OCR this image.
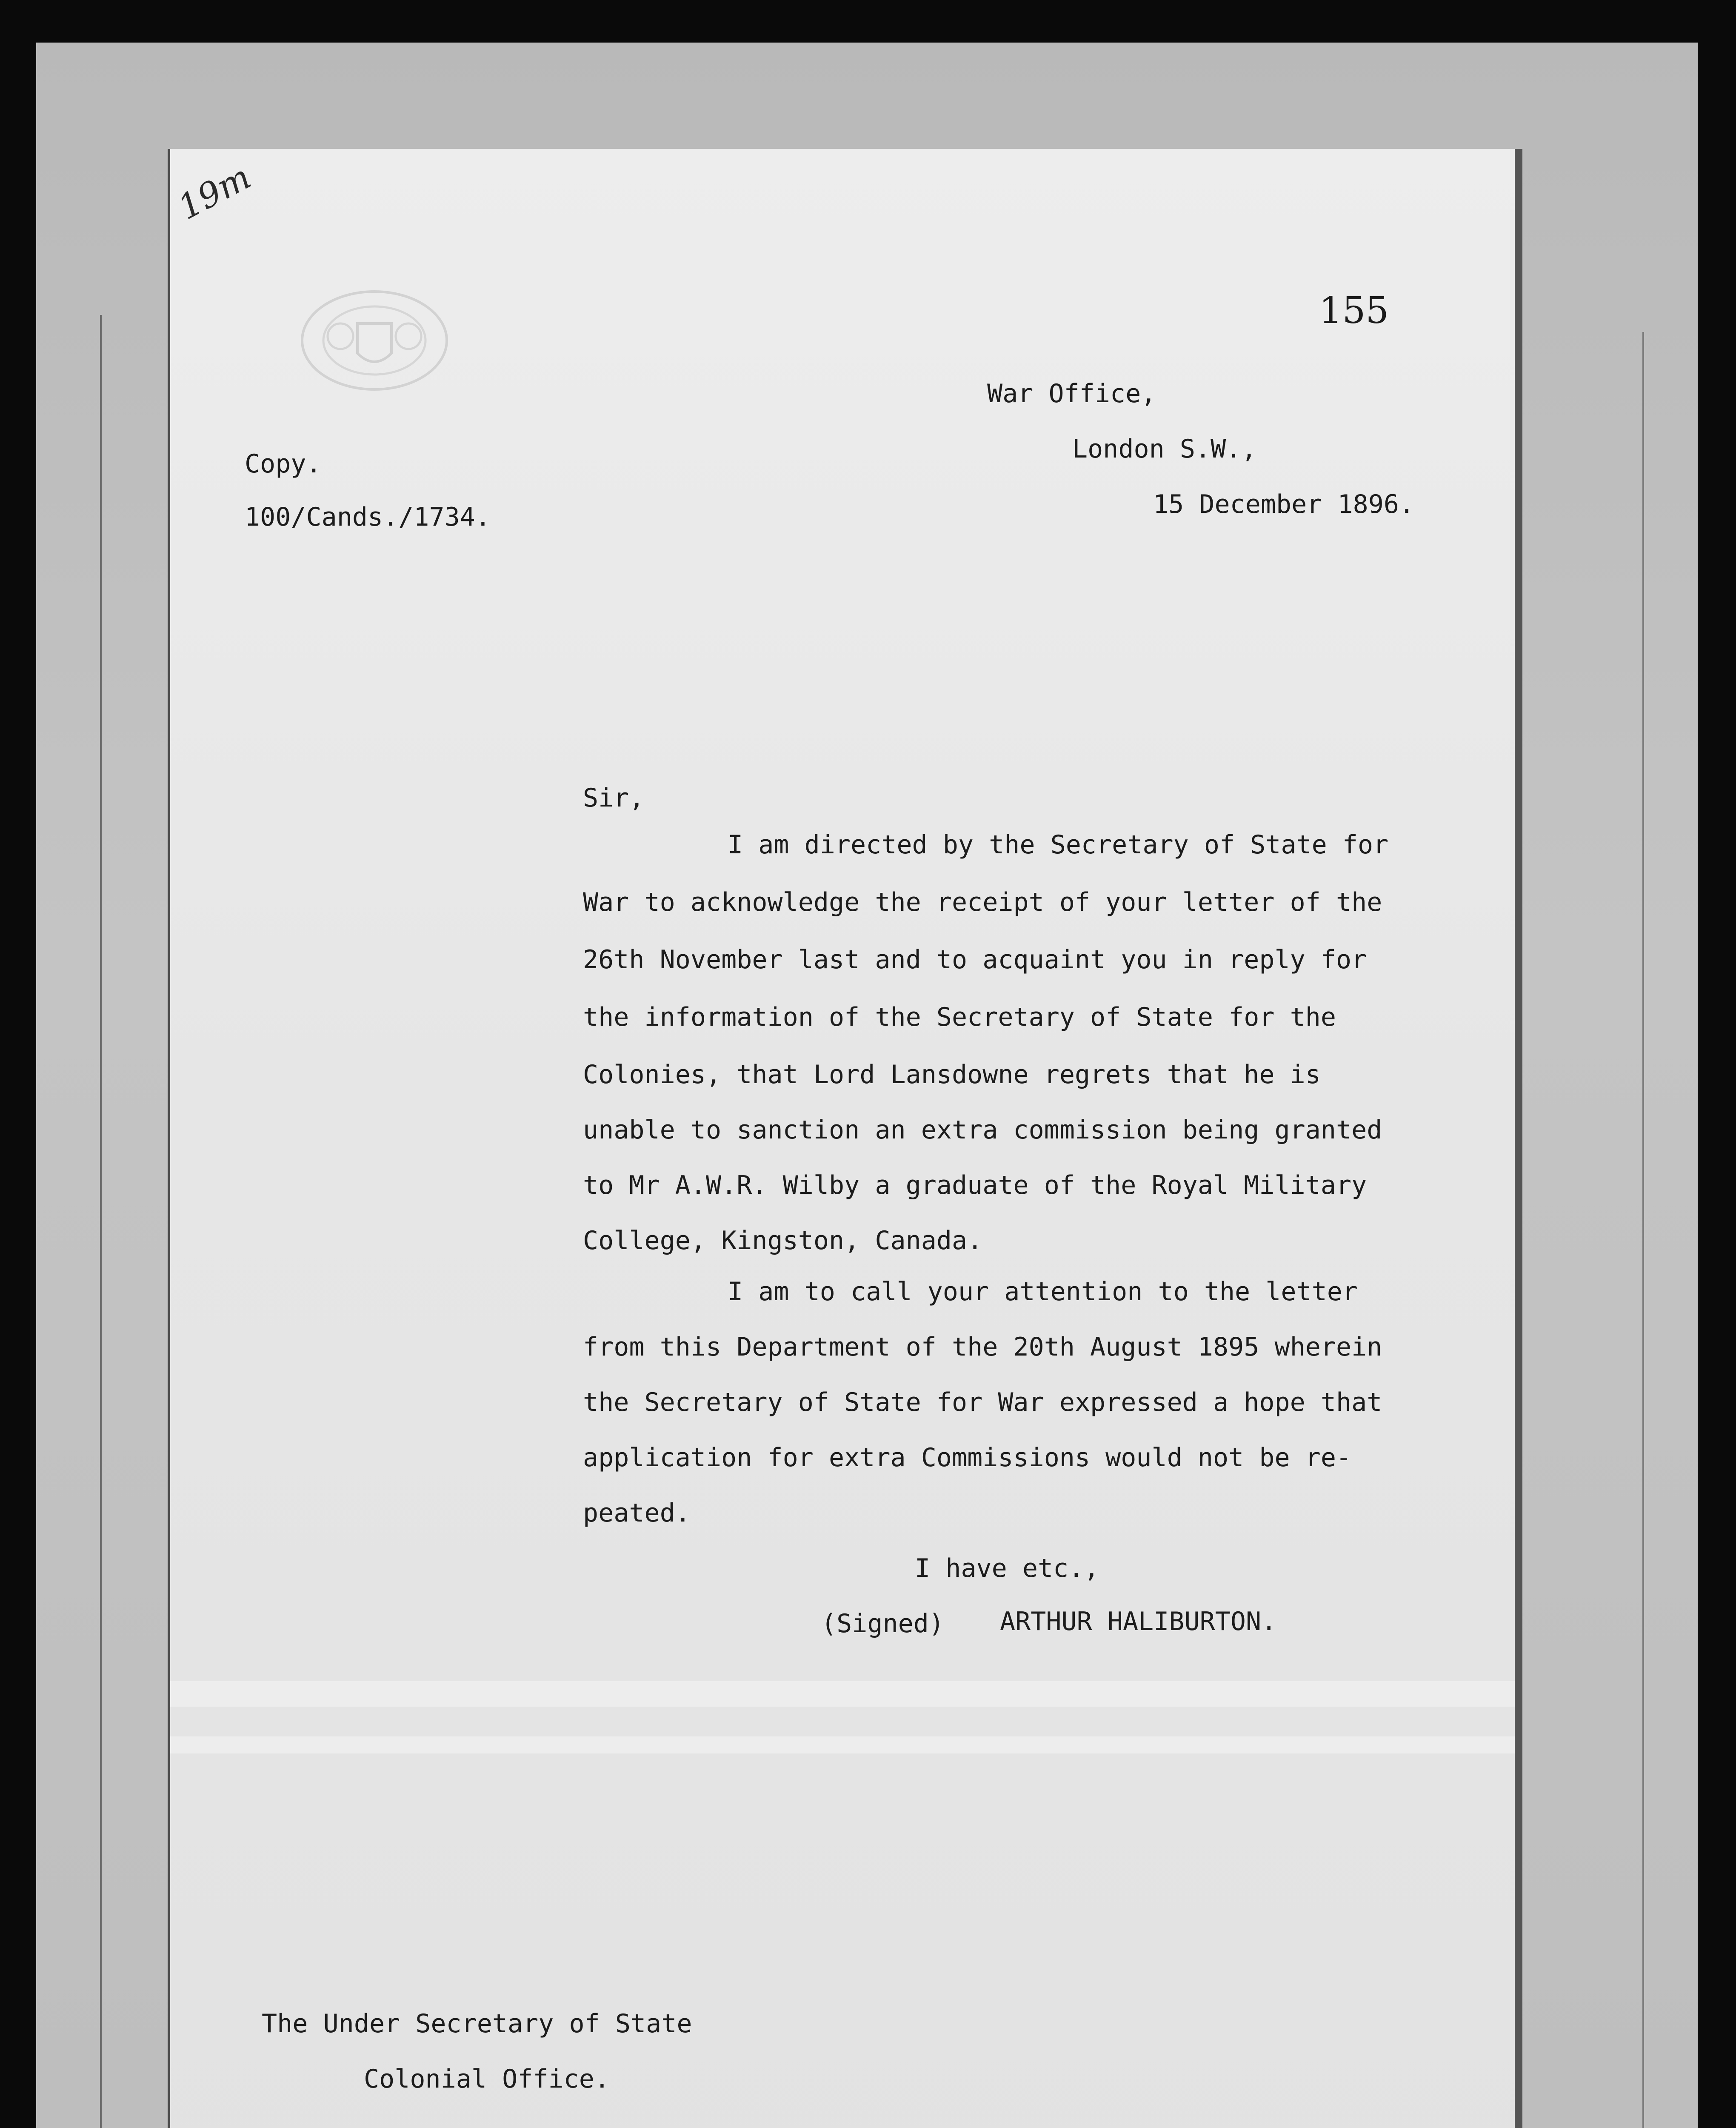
19m
155
War Office,
London S.W.,
15 December 1896.
Copy.
100/Cands./1734.
Sir,
I am directed by the Secretary of State for
War to acknowledge the receipt of your letter of the
26th November last and to acquaint you in reply for
the information of the Secretary of State for the
Colonies, that Lord Lansdowne regrets that he is
unable to sanction an extra commission being granted
to Mr A.W.R. Wilby a graduate of the Royal Military
College, Kingston, Canada.
I am to call your attention to the letter
from this Department of the 20th August 1895 wherein
the Secretary of State for War expressed a hope that
application for extra Commissions would not be re-
peated.
I have etc.,
(Signed) ARTHUR HALIBURTON.
The Under Secretary of State
Colonial Office.
